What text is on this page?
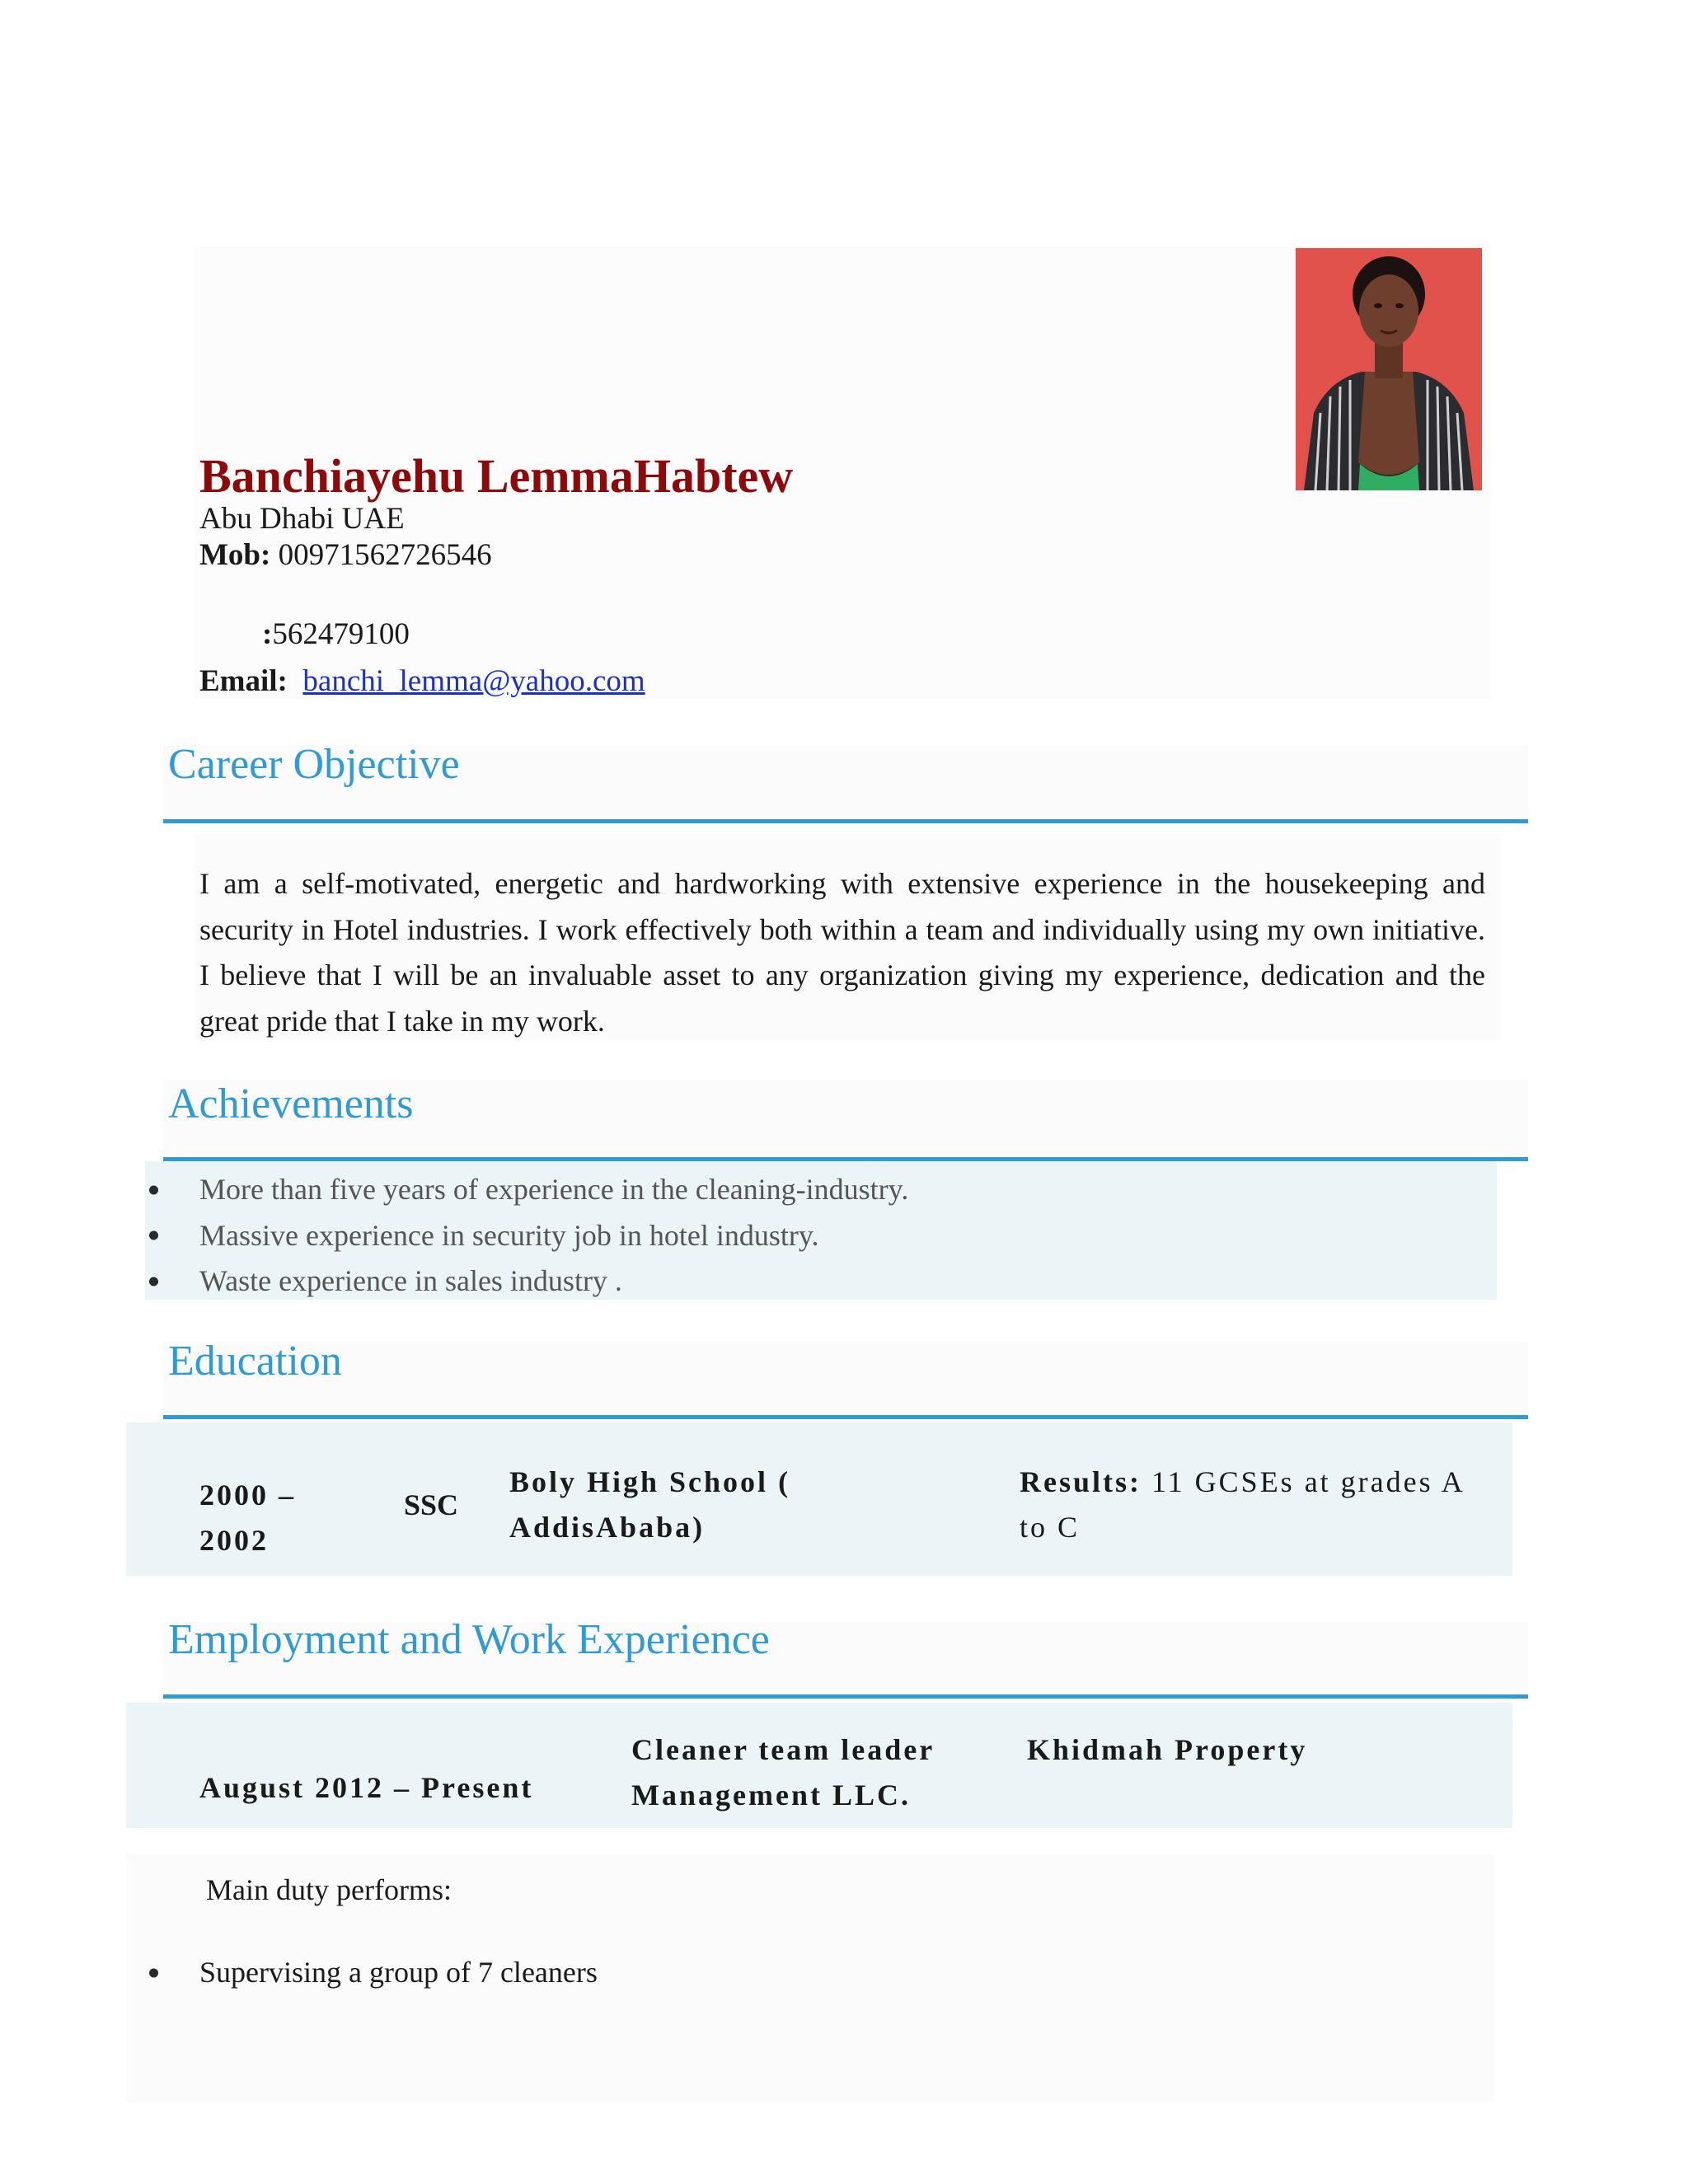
Banchiayehu LemmaHabtew
Abu Dhabi UAE
Mob: 00971562726546
:562479100
Email: banchi_lemma@yahoo.com
Career Objective
I am a self-motivated, energetic and hardworking with extensive experience in the housekeeping and security in Hotel industries. I work effectively both within a team and individually using my own initiative. I believe that I will be an invaluable asset to any organization giving my experience, dedication and the great pride that I take in my work.
Achievements
More than five years of experience in the cleaning-industry.
Massive experience in security job in hotel industry.
Waste experience in sales industry .
Education
2000 –
2002
SSC
Boly High School (
AddisAbaba)
Results: 11 GCSEs at grades A
to C
Employment and Work Experience
August 2012 – Present
Cleaner team leader	Khidmah Property
Management LLC.
Main duty performs:
Supervising a group of 7 cleaners
